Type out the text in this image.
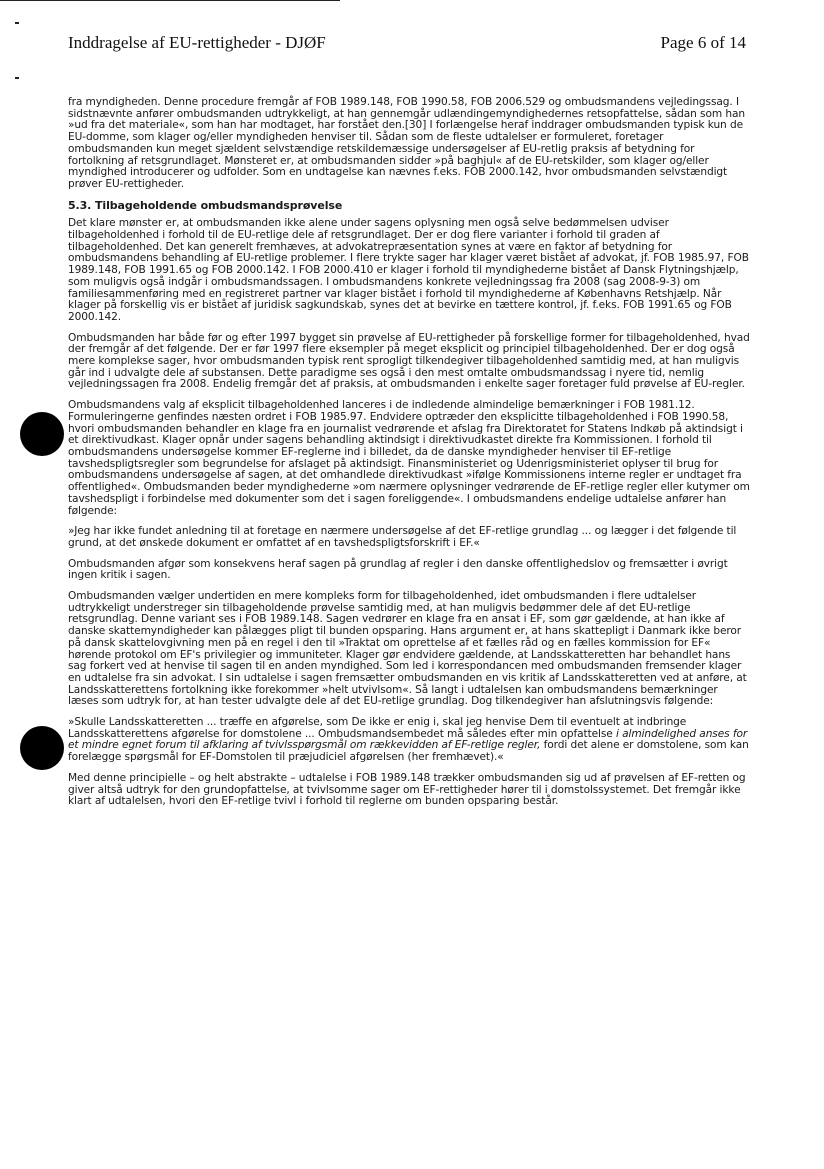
Inddragelse af EU-rettigheder - DJØF	Page 6 of 14

fra myndigheden. Denne procedure fremgår af FOB 1989.148, FOB 1990.58, FOB 2006.529 og ombudsmandens vejledingssag. I sidstnævnte anfører ombudsmanden udtrykkeligt, at han gennemgår udlændingemyndighedernes retsopfattelse, sådan som han »ud fra det materiale«, som han har modtaget, har forstået den.[30] I forlængelse heraf inddrager ombudsmanden typisk kun de EU-domme, som klager og/eller myndigheden henviser til. Sådan som de fleste udtalelser er formuleret, foretager ombudsmanden kun meget sjældent selvstændige retskildemæssige undersøgelser af EU-retlig praksis af betydning for fortolkning af retsgrundlaget. Mønsteret er, at ombudsmanden sidder »på baghjul« af de EU-retskilder, som klager og/eller myndighed introducerer og udfolder. Som en undtagelse kan nævnes f.eks. FOB 2000.142, hvor ombudsmanden selvstændigt prøver EU-rettigheder.

5.3. Tilbageholdende ombudsmandsprøvelse

Det klare mønster er, at ombudsmanden ikke alene under sagens oplysning men også selve bedømmelsen udviser tilbageholdenhed i forhold til de EU-retlige dele af retsgrundlaget. Der er dog flere varianter i forhold til graden af tilbageholdenhed. Det kan generelt fremhæves, at advokatrepræsentation synes at være en faktor af betydning for ombudsmandens behandling af EU-retlige problemer. I flere trykte sager har klager været bistået af advokat, jf. FOB 1985.97, FOB 1989.148, FOB 1991.65 og FOB 2000.142. I FOB 2000.410 er klager i forhold til myndighederne bistået af Dansk Flytningshjælp, som muligvis også indgår i ombudsmandssagen. I ombudsmandens konkrete vejledningssag fra 2008 (sag 2008-9-3) om familiesammenføring med en registreret partner var klager bistået i forhold til myndighederne af Københavns Retshjælp. Når klager på forskellig vis er bistået af juridisk sagkundskab, synes det at bevirke en tættere kontrol, jf. f.eks. FOB 1991.65 og FOB 2000.142.

Ombudsmanden har både før og efter 1997 bygget sin prøvelse af EU-rettigheder på forskellige former for tilbageholdenhed, hvad der fremgår af det følgende. Der er før 1997 flere eksempler på meget eksplicit og principiel tilbageholdenhed. Der er dog også mere komplekse sager, hvor ombudsmanden typisk rent sprogligt tilkendegiver tilbageholdenhed samtidig med, at han muligvis går ind i udvalgte dele af substansen. Dette paradigme ses også i den mest omtalte ombudsmandssag i nyere tid, nemlig vejledningssagen fra 2008. Endelig fremgår det af praksis, at ombudsmanden i enkelte sager foretager fuld prøvelse af EU-regler.

Ombudsmandens valg af eksplicit tilbageholdenhed lanceres i de indledende almindelige bemærkninger i FOB 1981.12. Formuleringerne genfindes næsten ordret i FOB 1985.97. Endvidere optræder den eksplicitte tilbageholdenhed i FOB 1990.58, hvori ombudsmanden behandler en klage fra en journalist vedrørende et afslag fra Direktoratet for Statens Indkøb på aktindsigt i et direktivudkast. Klager opnår under sagens behandling aktindsigt i direktivudkastet direkte fra Kommissionen. I forhold til ombudsmandens undersøgelse kommer EF-reglerne ind i billedet, da de danske myndigheder henviser til EF-retlige tavshedspligtsregler som begrundelse for afslaget på aktindsigt. Finansministeriet og Udenrigsministeriet oplyser til brug for ombudsmandens undersøgelse af sagen, at det omhandlede direktivudkast »ifølge Kommissionens interne regler er undtaget fra offentlighed«. Ombudsmanden beder myndighederne »om nærmere oplysninger vedrørende de EF-retlige regler eller kutymer om tavshedspligt i forbindelse med dokumenter som det i sagen foreliggende«. I ombudsmandens endelige udtalelse anfører han følgende:

»Jeg har ikke fundet anledning til at foretage en nærmere undersøgelse af det EF-retlige grundlag ... og lægger i det følgende til grund, at det ønskede dokument er omfattet af en tavshedspligtsforskrift i EF.«

Ombudsmanden afgør som konsekvens heraf sagen på grundlag af regler i den danske offentlighedslov og fremsætter i øvrigt ingen kritik i sagen.

Ombudsmanden vælger undertiden en mere kompleks form for tilbageholdenhed, idet ombudsmanden i flere udtalelser udtrykkeligt understreger sin tilbageholdende prøvelse samtidig med, at han muligvis bedømmer dele af det EU-retlige retsgrundlag. Denne variant ses i FOB 1989.148. Sagen vedrører en klage fra en ansat i EF, som gør gældende, at han ikke af danske skattemyndigheder kan pålægges pligt til bunden opsparing. Hans argument er, at hans skattepligt i Danmark ikke beror på dansk skattelovgivning men på en regel i den til »Traktat om oprettelse af et fælles råd og en fælles kommission for EF« hørende protokol om EF's privilegier og immuniteter. Klager gør endvidere gældende, at Landsskatteretten har behandlet hans sag forkert ved at henvise til sagen til en anden myndighed. Som led i korrespondancen med ombudsmanden fremsender klager en udtalelse fra sin advokat. I sin udtalelse i sagen fremsætter ombudsmanden en vis kritik af Landsskatteretten ved at anføre, at Landsskatterettens fortolkning ikke forekommer »helt utvivlsom«. Så langt i udtalelsen kan ombudsmandens bemærkninger læses som udtryk for, at han tester udvalgte dele af det EU-retlige grundlag. Dog tilkendegiver han afslutningsvis følgende:

»Skulle Landsskatteretten ... træffe en afgørelse, som De ikke er enig i, skal jeg henvise Dem til eventuelt at indbringe Landsskatterettens afgørelse for domstolene ... Ombudsmandsembedet må således efter min opfattelse i almindelighed anses for et mindre egnet forum til afklaring af tvivlsspørgsmål om rækkevidden af EF-retlige regler, fordi det alene er domstolene, som kan forelægge spørgsmål for EF-Domstolen til præjudiciel afgørelsen (her fremhævet).«

Med denne principielle – og helt abstrakte – udtalelse i FOB 1989.148 trækker ombudsmanden sig ud af prøvelsen af EF-retten og giver altså udtryk for den grundopfattelse, at tvivlsomme sager om EF-rettigheder hører til i domstolssystemet. Det fremgår ikke klart af udtalelsen, hvori den EF-retlige tvivl i forhold til reglerne om bunden opsparing består.
